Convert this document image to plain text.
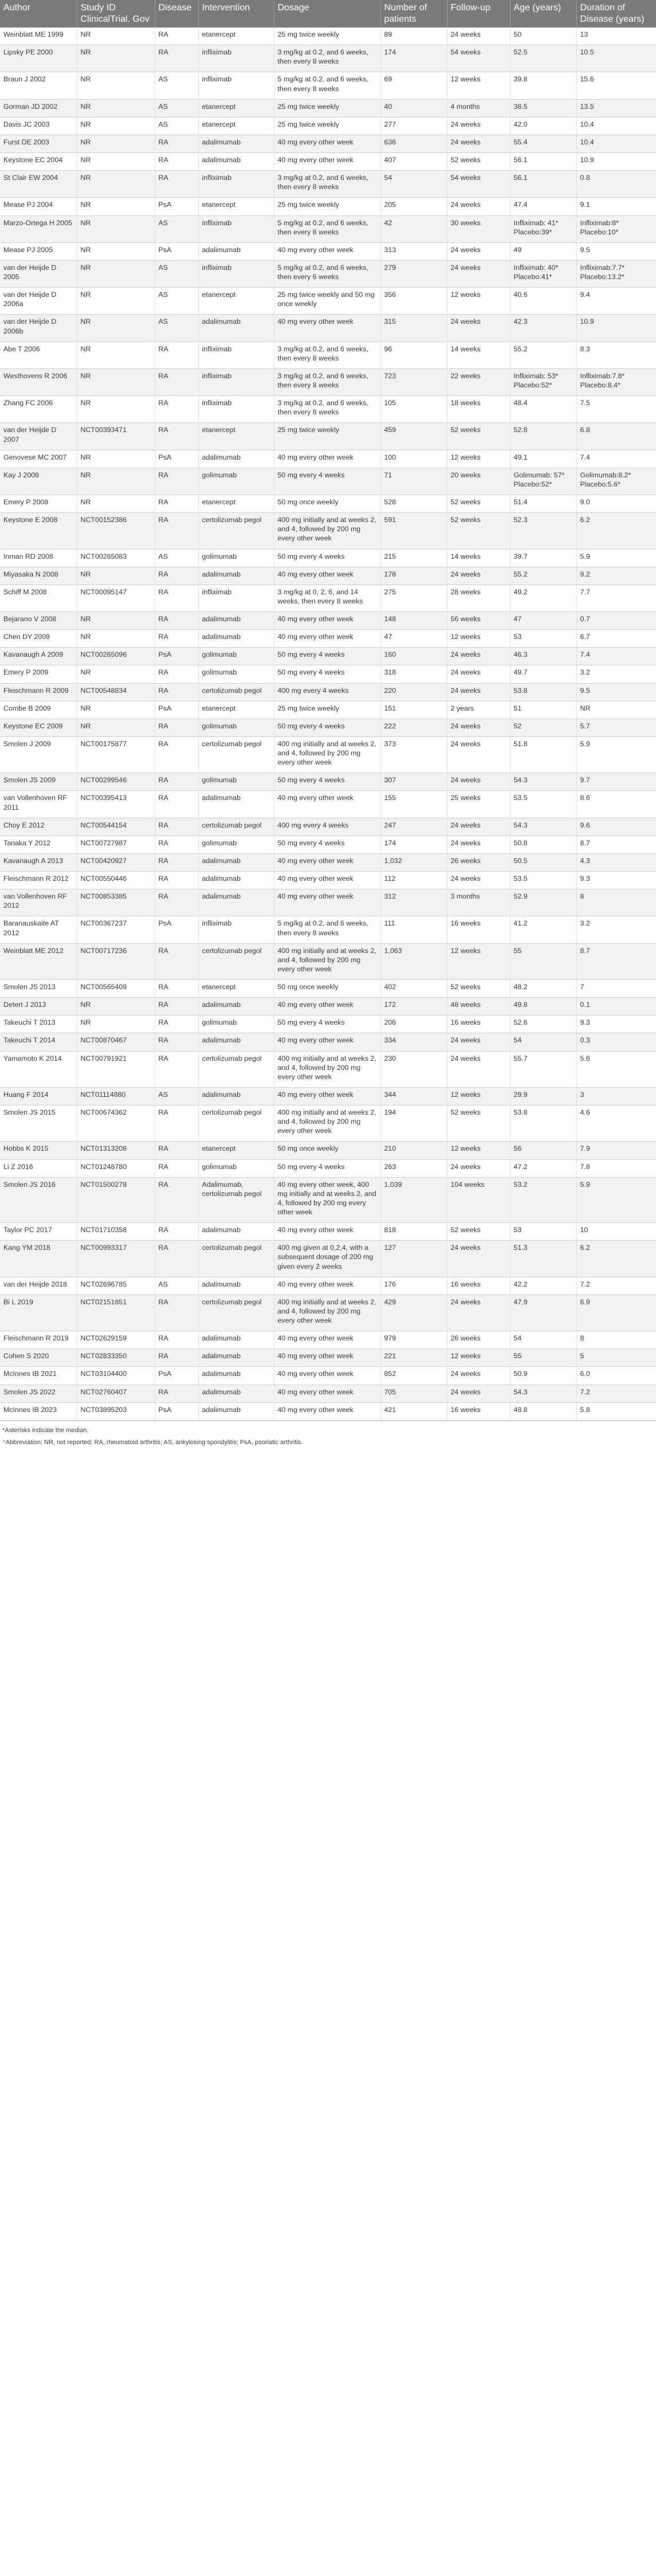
Author	Study ID ClinicalTrial. Gov	Disease	Intervention	Dosage	Number of patients	Follow-up	Age (years)	Duration of Disease (years)
Weinblatt ME 1999	NR	RA	etanercept	25 mg twice weekly	89	24 weeks	50	13
Lipsky PE 2000	NR	RA	infliximab	3 mg/kg at 0.2, and 6 weeks, then every 8 weeks	174	54 weeks	52.5	10.5
Braun J 2002	NR	AS	infliximab	5 mg/kg at 0.2, and 6 weeks, then every 8 weeks	69	12 weeks	39.8	15.6
Gorman JD 2002	NR	AS	etanercept	25 mg twice weekly	40	4 months	38.5	13.5
Davis JC 2003	NR	AS	etanercept	25 mg twice weekly	277	24 weeks	42.0	10.4
Furst DE 2003	NR	RA	adalimumab	40 mg every other week	636	24 weeks	55.4	10.4
Keystone EC 2004	NR	RA	adalimumab	40 mg every other week	407	52 weeks	56.1	10.9
St Clair EW 2004	NR	RA	infliximab	3 mg/kg at 0.2, and 6 weeks, then every 8 weeks	54	54 weeks	56.1	0.8
Mease PJ 2004	NR	PsA	etanercept	25 mg twice weekly	205	24 weeks	47.4	9.1
Marzo-Ortega H 2005	NR	AS	infliximab	5 mg/kg at 0.2, and 6 weeks, then every 8 weeks	42	30 weeks	Infliximab: 41* Placebo:39*	Infliximab:8* Placebo:10*
Mease PJ 2005	NR	PsA	adalimumab	40 mg every other week	313	24 weeks	49	9.5
van der Heijde D 2005	NR	AS	infliximab	5 mg/kg at 0.2, and 6 weeks, then every 6 weeks	279	24 weeks	Infliximab: 40* Placebo:41*	Infliximab:7.7* Placebo:13.2*
van der Heijde D 2006a	NR	AS	etanercept	25 mg twice weekly and 50 mg once weekly	356	12 weeks	40.6	9.4
van der Heijde D 2006b	NR	AS	adalimumab	40 mg every other week	315	24 weeks	42.3	10.9
Abe T 2006	NR	RA	infliximab	3 mg/kg at 0.2, and 6 weeks, then every 8 weeks	96	14 weeks	55.2	8.3
Westhovens R 2006	NR	RA	infliximab	3 mg/kg at 0.2, and 6 weeks, then every 8 weeks	723	22 weeks	Infliximab: 53* Placebo:52*	Infliximab:7.8* Placebo:8.4*
Zhang FC 2006	NR	RA	infliximab	3 mg/kg at 0.2, and 6 weeks, then every 8 weeks	105	18 weeks	48.4	7.5
van der Heijde D 2007	NCT00393471	RA	etanercept	25 mg twice weekly	459	52 weeks	52.8	6.8
Genovese MC 2007	NR	PsA	adalimumab	40 mg every other week	100	12 weeks	49.1	7.4
Kay J 2008	NR	RA	golimumab	50 mg every 4 weeks	71	20 weeks	Golimumab: 57* Placebo:52*	Golimumab:8.2* Placebo:5.6*
Emery P 2008	NR	RA	etanercept	50 mg once weekly	528	52 weeks	51.4	9.0
Keystone E 2008	NCT00152386	RA	certolizumab pegol	400 mg initially and at weeks 2, and 4, followed by 200 mg every other week	591	52 weeks	52.3	6.2
Inman RD 2008	NCT00265083	AS	golimumab	50 mg every 4 weeks	215	14 weeks	39.7	5.9
Miyasaka N 2008	NR	RA	adalimumab	40 mg every other week	178	24 weeks	55.2	9.2
Schiff M 2008	NCT00095147	RA	infliximab	3 mg/kg at 0, 2, 6, and 14 weeks, then every 8 weeks	275	28 weeks	49.2	7.7
Bejarano V 2008	NR	RA	adalimumab	40 mg every other week	148	56 weeks	47	0.7
Chen DY 2009	NR	RA	adalimumab	40 mg every other week	47	12 weeks	53	6.7
Kavanaugh A 2009	NCT00265096	PsA	golimumab	50 mg every 4 weeks	160	24 weeks	46.3	7.4
Emery P 2009	NR	RA	golimumab	50 mg every 4 weeks	318	24 weeks	49.7	3.2
Fleischmann R 2009	NCT00548834	RA	certolizumab pegol	400 mg every 4 weeks	220	24 weeks	53.8	9.5
Combe B 2009	NR	PsA	etanercept	25 mg twice weekly	151	2 years	51	NR
Keystone EC 2009	NR	RA	golimumab	50 mg every 4 weeks	222	24 weeks	52	5.7
Smolen J 2009	NCT00175877	RA	certolizumab pegol	400 mg initially and at weeks 2, and 4, followed by 200 mg every other week	373	24 weeks	51.8	5.9
Smolen JS 2009	NCT00299546	RA	golimumab	50 mg every 4 weeks	307	24 weeks	54.3	9.7
van Vollenhoven RF 2011	NCT00395413	RA	adalimumab	40 mg every other week	155	25 weeks	53.5	8.6
Choy E 2012	NCT00544154	RA	certolizumab pegol	400 mg every 4 weeks	247	24 weeks	54.3	9.6
Tanaka Y 2012	NCT00727987	RA	golimumab	50 mg every 4 weeks	174	24 weeks	50.8	8.7
Kavanaugh A 2013	NCT00420927	RA	adalimumab	40 mg every other week	1,032	26 weeks	50.5	4.3
Fleischmann R 2012	NCT00550446	RA	adalimumab	40 mg every other week	112	24 weeks	53.5	9.3
van Vollenhoven RF 2012	NCT00853385	RA	adalimumab	40 mg every other week	312	3 months	52.9	8
Baranauskaite AT 2012	NCT00367237	PsA	infliximab	5 mg/kg at 0.2, and 6 weeks, then every 8 weeks	111	16 weeks	41.2	3.2
Weinblatt ME 2012	NCT00717236	RA	certolizumab pegol	400 mg initially and at weeks 2, and 4, followed by 200 mg every other week	1,063	12 weeks	55	8.7
Smolen JS 2013	NCT00565409	RA	etanercept	50 mg once weekly	402	52 weeks	48.2	7
Detert J 2013	NR	RA	adalimumab	40 mg every other week	172	48 weeks	49.8	0.1
Takeuchi T 2013	NR	RA	golimumab	50 mg every 4 weeks	206	16 weeks	52.6	9.3
Takeuchi T 2014	NCT00870467	RA	adalimumab	40 mg every other week	334	24 weeks	54	0.3
Yamamoto K 2014	NCT00791921	RA	certolizumab pegol	400 mg initially and at weeks 2, and 4, followed by 200 mg every other week	230	24 weeks	55.7	5.6
Huang F 2014	NCT01114880	AS	adalimumab	40 mg every other week	344	12 weeks	29.9	3
Smolen JS 2015	NCT00674362	RA	certolizumab pegol	400 mg initially and at weeks 2, and 4, followed by 200 mg every other week	194	52 weeks	53.8	4.6
Hobbs K 2015	NCT01313208	RA	etanercept	50 mg once weekly	210	12 weeks	56	7.9
Li Z 2016	NCT01248780	RA	golimumab	50 mg every 4 weeks	263	24 weeks	47.2	7.8
Smolen JS 2016	NCT01500278	RA	Adalimumab, certolizumab pegol	40 mg every other week, 400 mg initially and at weeks 2, and 4, followed by 200 mg every other week	1,039	104 weeks	53.2	5.9
Taylor PC 2017	NCT01710358	RA	adalimumab	40 mg every other week	818	52 weeks	53	10
Kang YM 2018	NCT00993317	RA	certolizumab pegol	400 mg given at 0,2,4, with a subsequent dosage of 200 mg given every 2 weeks	127	24 weeks	51.3	6.2
van der Heijde 2018	NCT02696785	AS	adalimumab	40 mg every other week	176	16 weeks	42.2	7.2
Bi L 2019	NCT02151851	RA	certolizumab pegol	400 mg initially and at weeks 2, and 4, followed by 200 mg every other week	429	24 weeks	47.9	6.9
Fleischmann R 2019	NCT02629159	RA	adalimumab	40 mg every other week	979	26 weeks	54	8
Cohen S 2020	NCT02833350	RA	adalimumab	40 mg every other week	221	12 weeks	55	5
McInnes IB 2021	NCT03104400	PsA	adalimumab	40 mg every other week	852	24 weeks	50.9	6.0
Smolen JS 2022	NCT02760407	RA	adalimumab	40 mg every other week	705	24 weeks	54.3	7.2
McInnes IB 2023	NCT03895203	PsA	adalimumab	40 mg every other week	421	16 weeks	48.8	5.8
*Asterisks indicate the median.
⁺Abbreviation: NR, not reported; RA, rheumatoid arthritis; AS, ankylosing spondylitis; PsA, psoriatic arthritis.
